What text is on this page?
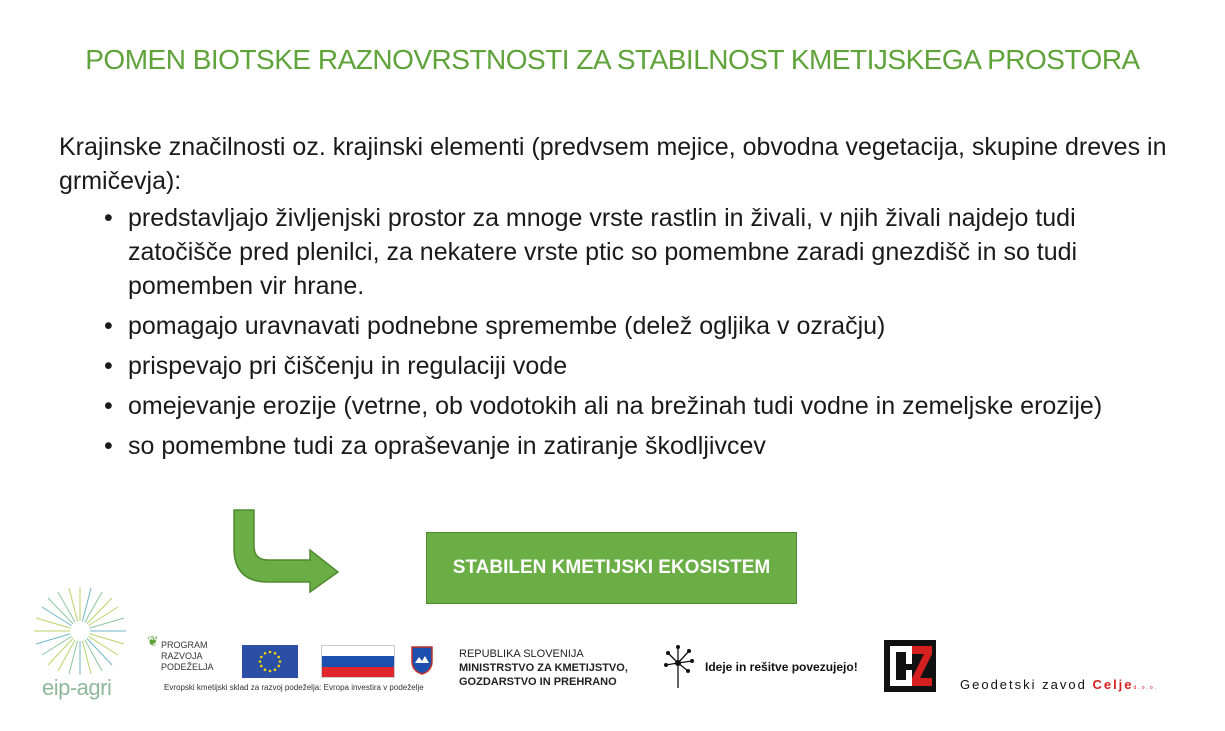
POMEN BIOTSKE RAZNOVRSTNOSTI ZA STABILNOST KMETIJSKEGA PROSTORA
Krajinske značilnosti oz. krajinski elementi (predvsem mejice, obvodna vegetacija, skupine dreves in grmičevja):
• predstavljajo življenjski prostor za mnoge vrste rastlin in živali, v njih živali najdejo tudi zatočišče pred plenilci, za nekatere vrste ptic so pomembne zaradi gnezdišč in so tudi pomemben vir hrane.
• pomagajo uravnavati podnebne spremembe (delež ogljika v ozračju)
• prispevajo pri čiščenju in regulaciji vode
• omejevanje erozije (vetrne, ob vodotokih ali na brežinah tudi vodne in zemeljske erozije)
• so pomembne tudi za opraševanje in zatiranje škodljivcev
STABILEN KMETIJSKI EKOSISTEM
eip-agri
❦ PROGRAM
RAZVOJA
PODEŽELJA
Evropski kmetijski sklad za razvoj podeželja: Evropa investira v podeželje
REPUBLIKA SLOVENIJA
MINISTRSTVO ZA KMETIJSTVO,
GOZDARSTVO IN PREHRANO
Ideje in rešitve povezujejo!
Geodetski zavod Celjed.o.o.
